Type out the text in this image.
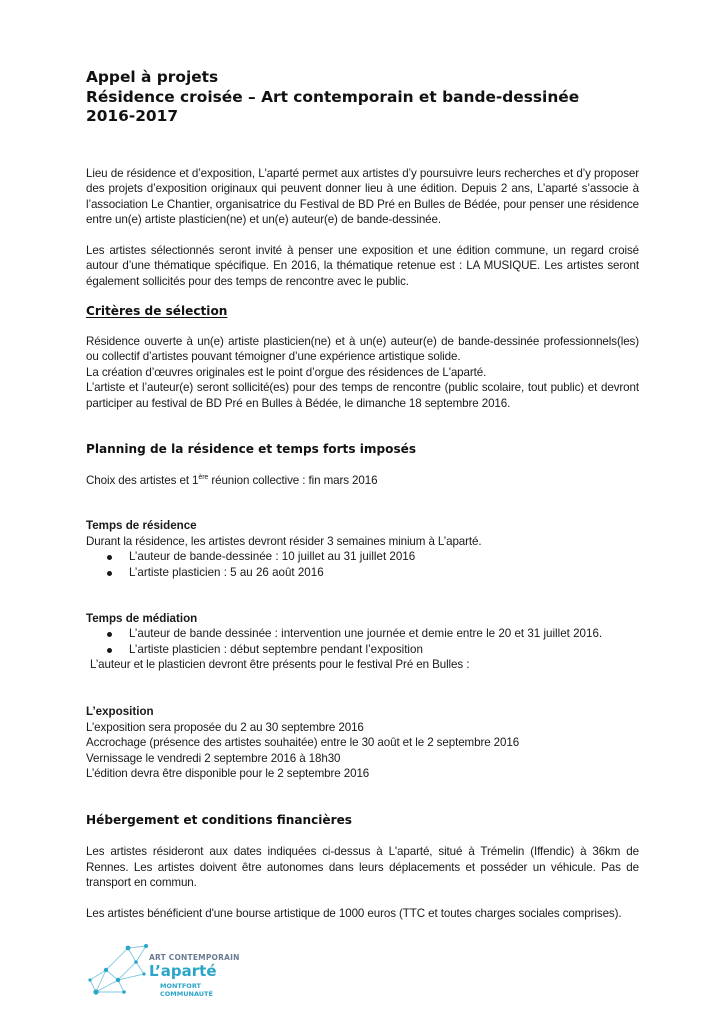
Appel à projets
Résidence croisée – Art contemporain et bande-dessinée
2016-2017

Lieu de résidence et d’exposition, L'aparté permet aux artistes d’y poursuivre leurs recherches et d’y proposer des projets d’exposition originaux qui peuvent donner lieu à une édition. Depuis 2 ans, L’aparté s’associe à l’association Le Chantier, organisatrice du Festival de BD Pré en Bulles de Bédée, pour penser une résidence entre un(e) artiste plasticien(ne) et un(e) auteur(e) de bande-dessinée.

Les artistes sélectionnés seront invité à penser une exposition et une édition commune, un regard croisé autour d’une thématique spécifique. En 2016, la thématique retenue est : LA MUSIQUE. Les artistes seront également sollicités pour des temps de rencontre avec le public.

Critères de sélection

Résidence ouverte à un(e) artiste plasticien(ne) et à un(e) auteur(e) de bande-dessinée professionnels(les) ou collectif d’artistes pouvant témoigner d’une expérience artistique solide.

La création d’œuvres originales est le point d’orgue des résidences de L'aparté.

L’artiste et l’auteur(e) seront sollicité(es) pour des temps de rencontre (public scolaire, tout public) et devront participer au festival de BD Pré en Bulles à Bédée, le dimanche 18 septembre 2016.

Planning de la résidence et temps forts imposés

Choix des artistes et 1ère réunion collective : fin mars 2016

Temps de résidence

Durant la résidence, les artistes devront résider 3 semaines minium à L’aparté.

L’auteur de bande-dessinée : 10 juillet au 31 juillet 2016
L’artiste plasticien : 5 au 26 août 2016
Temps de médiation
L’auteur de bande dessinée : intervention une journée et demie entre le 20 et 31 juillet 2016.
L’artiste plasticien : début septembre pendant l’exposition

L’auteur et le plasticien devront être présents pour le festival Pré en Bulles :

L’exposition

L’exposition sera proposée du 2 au 30 septembre 2016

Accrochage (présence des artistes souhaitée) entre le 30 août et le 2 septembre 2016

Vernissage le vendredi 2 septembre 2016 à 18h30

L’édition devra être disponible pour le 2 septembre 2016

Hébergement et conditions financières

Les artistes résideront aux dates indiquées ci-dessus à L'aparté, situé à Trémelin (Iffendic) à 36km de Rennes. Les artistes doivent être autonomes dans leurs déplacements et posséder un véhicule. Pas de transport en commun.

Les artistes bénéficient d'une bourse artistique de 1000 euros (TTC et toutes charges sociales comprises).

ART CONTEMPORAIN
L’aparté
MONTFORT
COMMUNAUTÉ
